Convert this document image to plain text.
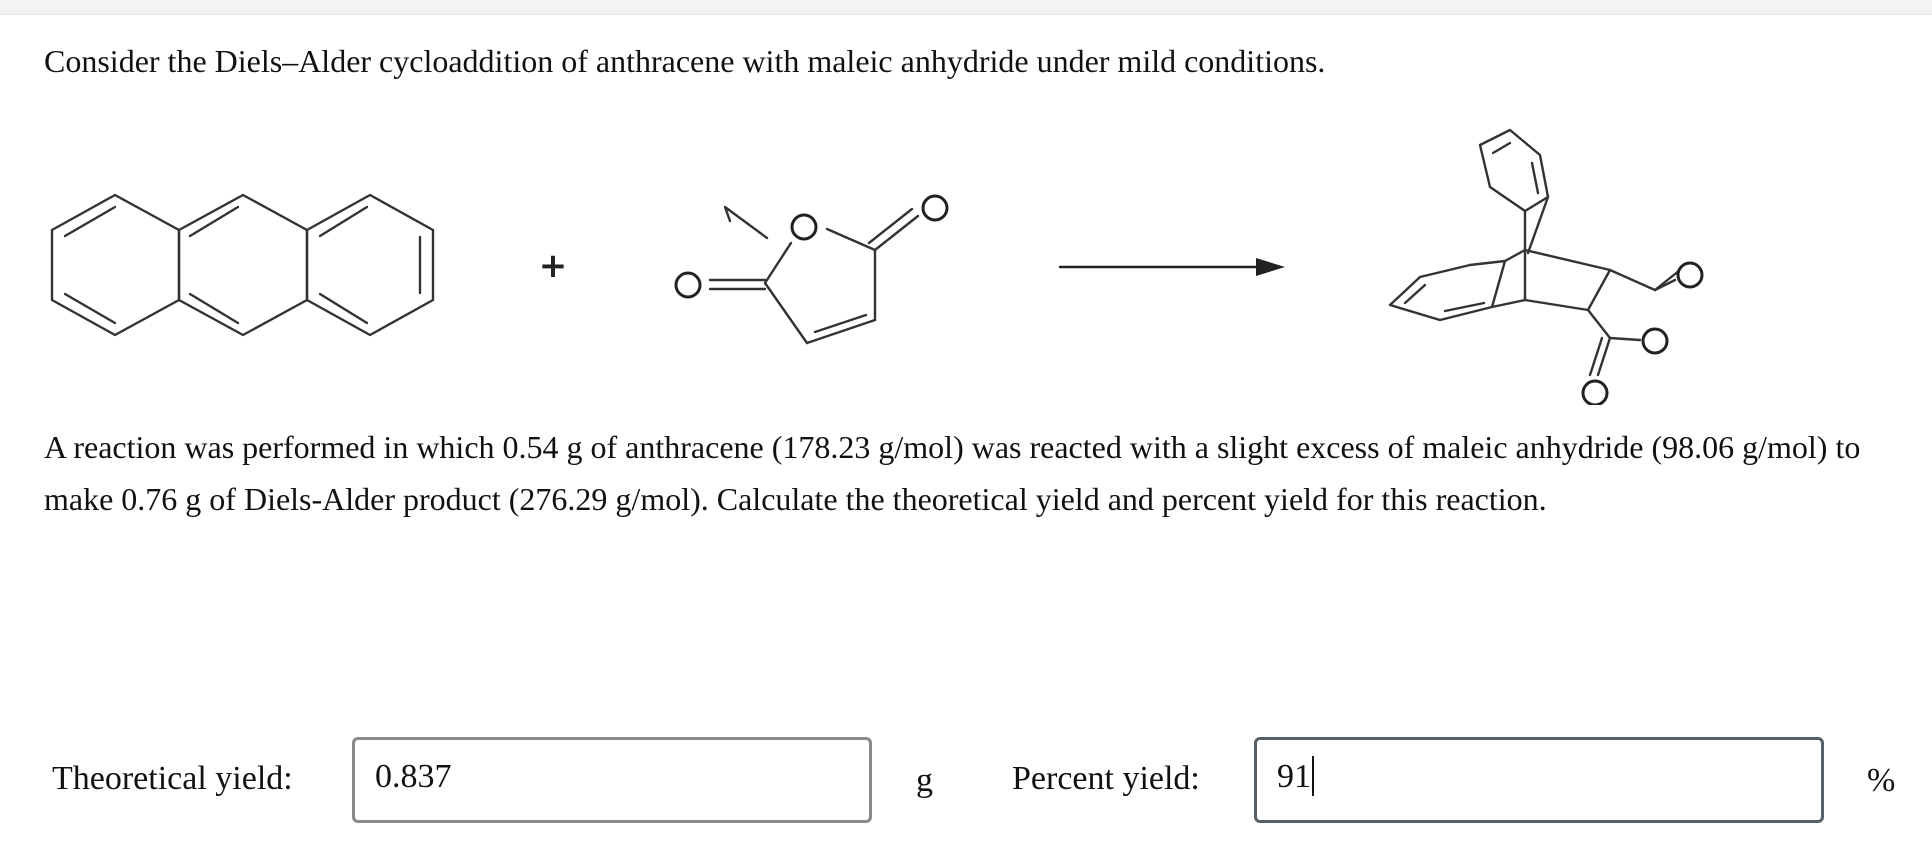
Consider the Diels–Alder cycloaddition of anthracene with maleic anhydride under mild conditions.

+

A reaction was performed in which 0.54 g of anthracene (178.23 g/mol) was reacted with a slight excess of maleic anhydride (98.06 g/mol) to make 0.76 g of Diels-Alder product (276.29 g/mol). Calculate the theoretical yield and percent yield for this reaction.

Theoretical yield: 0.837	g Percent yield: 91	%
